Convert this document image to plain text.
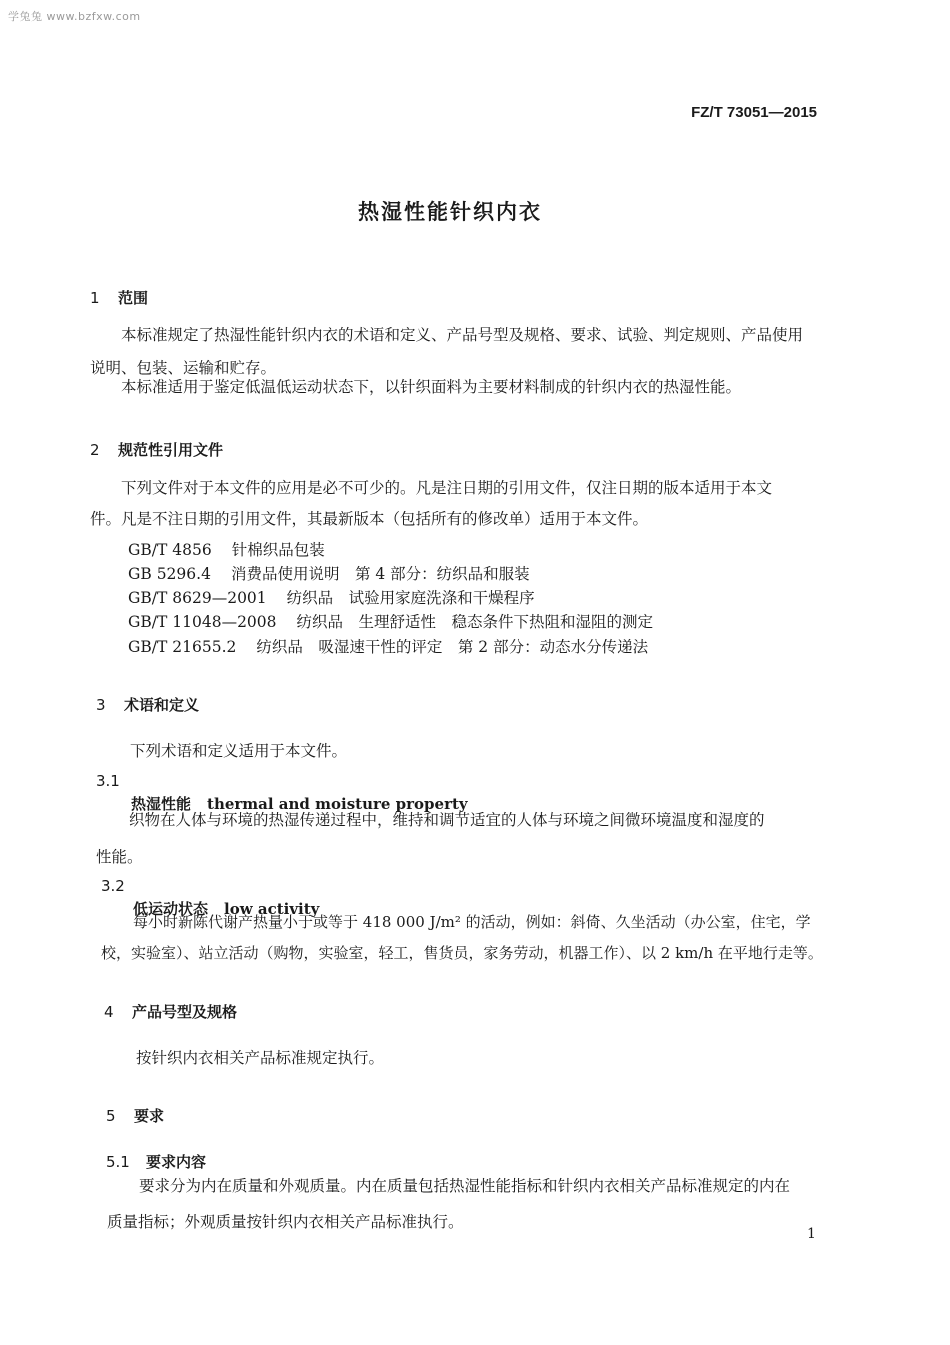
学兔兔 www.bzfxw.com
FZ/T 73051—2015
热湿性能针织内衣
1 范围
本标准规定了热湿性能针织内衣的术语和定义、产品号型及规格、要求、试验、判定规则、产品使用
说明、包装、运输和贮存。
本标准适用于鉴定低温低运动状态下，以针织面料为主要材料制成的针织内衣的热湿性能。
2 规范性引用文件
下列文件对于本文件的应用是必不可少的。凡是注日期的引用文件，仅注日期的版本适用于本文
件。凡是不注日期的引用文件，其最新版本（包括所有的修改单）适用于本文件。
GB/T 4856 针棉织品包装
GB 5296.4 消费品使用说明　第 4 部分：纺织品和服装
GB/T 8629—2001 纺织品　试验用家庭洗涤和干燥程序
GB/T 11048—2008 纺织品　生理舒适性　稳态条件下热阻和湿阻的测定
GB/T 21655.2 纺织品　吸湿速干性的评定　第 2 部分：动态水分传递法
3 术语和定义
下列术语和定义适用于本文件。
3.1
热湿性能 thermal and moisture property
织物在人体与环境的热湿传递过程中，维持和调节适宜的人体与环境之间微环境温度和湿度的
性能。
3.2
低运动状态 low activity
每小时新陈代谢产热量小于或等于 418 000 J/m² 的活动，例如：斜倚、久坐活动（办公室，住宅，学
校，实验室）、站立活动（购物，实验室，轻工，售货员，家务劳动，机器工作）、以 2 km/h 在平地行走等。
4 产品号型及规格
按针织内衣相关产品标准规定执行。
5 要求
5.1 要求内容
要求分为内在质量和外观质量。内在质量包括热湿性能指标和针织内衣相关产品标准规定的内在
质量指标；外观质量按针织内衣相关产品标准执行。
1
